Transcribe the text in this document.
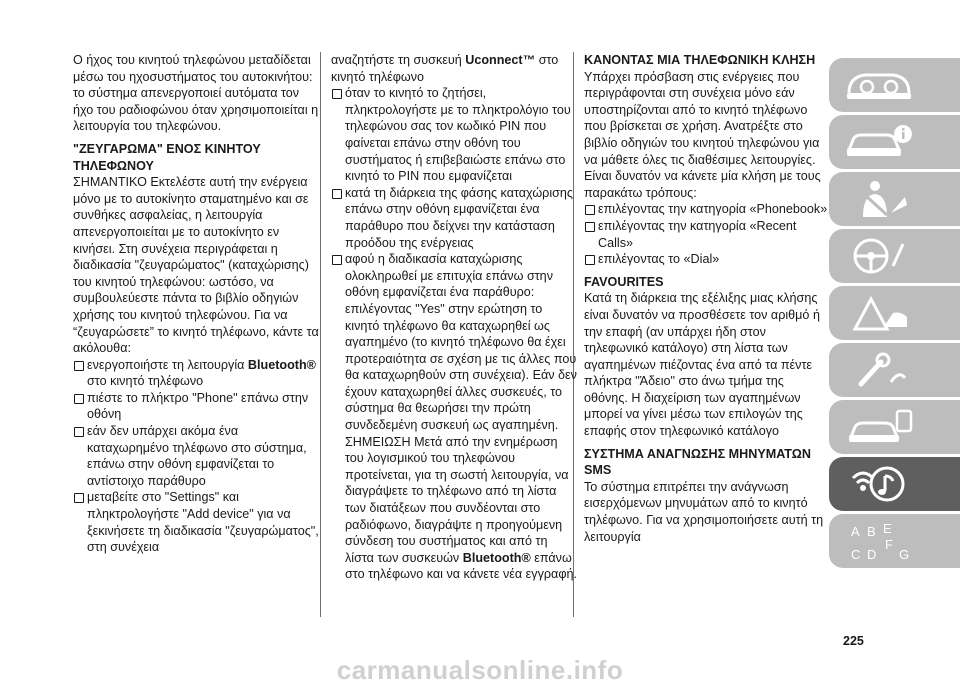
Ο ήχος του κινητού τηλεφώνου μεταδίδεται μέσω του ηχοσυστήματος του αυτοκινήτου: το σύστημα απενεργοποιεί αυτόματα τον ήχο του ραδιοφώνου όταν χρησιμοποιείται η λειτουργία του τηλεφώνου.

"ΖΕΥΓΑΡΩΜΑ" ΕΝΟΣ ΚΙΝΗΤΟΥ ΤΗΛΕΦΩΝΟΥ

ΣΗΜΑΝΤΙΚΟ Εκτελέστε αυτή την ενέργεια μόνο με το αυτοκίνητο σταματημένο και σε συνθήκες ασφαλείας, η λειτουργία απενεργοποιείται με το αυτοκίνητο εν κινήσει. Στη συνέχεια περιγράφεται η διαδικασία "ζευγαρώματος" (καταχώρισης) του κινητού τηλεφώνου: ωστόσο, να συμβουλεύεστε πάντα το βιβλίο οδηγιών χρήσης του κινητού τηλεφώνου. Για να “ζευγαρώσετε” το κινητό τηλέφωνο, κάντε τα ακόλουθα:

ενεργοποιήστε τη λειτουργία Bluetooth® στο κινητό τηλέφωνο

πιέστε το πλήκτρο "Phone" επάνω στην οθόνη

εάν δεν υπάρχει ακόμα ένα καταχωρημένο τηλέφωνο στο σύστημα, επάνω στην οθόνη εμφανίζεται το αντίστοιχο παράθυρο

μεταβείτε στο "Settings" και πληκτρολογήστε "Add device" για να ξεκινήσετε τη διαδικασία "ζευγαρώματος", στη συνέχεια

αναζητήστε τη συσκευή Uconnect™ στο κινητό τηλέφωνο

όταν το κινητό το ζητήσει, πληκτρολογήστε με το πληκτρολόγιο του τηλεφώνου σας τον κωδικό PIN που φαίνεται επάνω στην οθόνη του συστήματος ή επιβεβαιώστε επάνω στο κινητό το PIN που εμφανίζεται

κατά τη διάρκεια της φάσης καταχώρισης επάνω στην οθόνη εμφανίζεται ένα παράθυρο που δείχνει την κατάσταση προόδου της ενέργειας

αφού η διαδικασία καταχώρισης ολοκληρωθεί με επιτυχία επάνω στην οθόνη εμφανίζεται ένα παράθυρο: επιλέγοντας "Yes" στην ερώτηση το κινητό τηλέφωνο θα καταχωρηθεί ως αγαπημένο (το κινητό τηλέφωνο θα έχει προτεραιότητα σε σχέση με τις άλλες που θα καταχωρηθούν στη συνέχεια). Εάν δεν έχουν καταχωρηθεί άλλες συσκευές, το σύστημα θα θεωρήσει την πρώτη συνδεδεμένη συσκευή ως αγαπημένη. ΣΗΜΕΙΩΣΗ Μετά από την ενημέρωση του λογισμικού του τηλεφώνου προτείνεται, για τη σωστή λειτουργία, να διαγράψετε το τηλέφωνο από τη λίστα των διατάξεων που συνδέονται στο ραδιόφωνο, διαγράψτε η προηγούμενη σύνδεση του συστήματος και από τη λίστα των συσκευών Bluetooth® επάνω στο τηλέφωνο και να κάνετε νέα εγγραφή.

ΚΑΝΟΝΤΑΣ ΜΙΑ ΤΗΛΕΦΩΝΙΚΗ ΚΛΗΣΗ

Υπάρχει πρόσβαση στις ενέργειες που περιγράφονται στη συνέχεια μόνο εάν υποστηρίζονται από το κινητό τηλέφωνο που βρίσκεται σε χρήση. Ανατρέξτε στο βιβλίο οδηγιών του κινητού τηλεφώνου για να μάθετε όλες τις διαθέσιμες λειτουργίες.

Είναι δυνατόν να κάνετε μία κλήση με τους παρακάτω τρόπους:

επιλέγοντας την κατηγορία «Phonebook»

επιλέγοντας την κατηγορία «Recent Calls»

επιλέγοντας το «Dial»

FAVOURITES

Κατά τη διάρκεια της εξέλιξης μιας κλήσης είναι δυνατόν να προσθέσετε τον αριθμό ή την επαφή (αν υπάρχει ήδη στον τηλεφωνικό κατάλογο) στη λίστα των αγαπημένων πιέζοντας ένα από τα πέντε πλήκτρα "Άδειο" στο άνω τμήμα της οθόνης. Η διαχείριση των αγαπημένων μπορεί να γίνει μέσω των επιλογών της επαφής στον τηλεφωνικό κατάλογο

ΣΥΣΤΗΜΑ ΑΝΑΓΝΩΣΗΣ ΜΗΝΥΜΑΤΩΝ SMS

Το σύστημα επιτρέπει την ανάγνωση εισερχόμενων μηνυμάτων από το κινητό τηλέφωνο. Για να χρησιμοποιήσετε αυτή τη λειτουργία

225
carmanualsonline.info
A B E
C D
F
G
